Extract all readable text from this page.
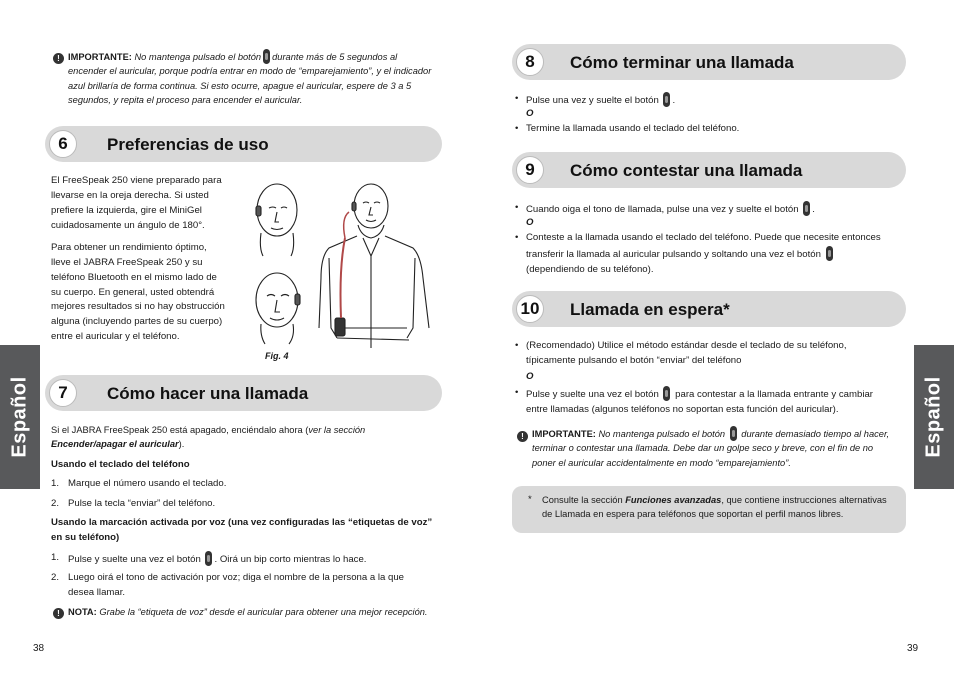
Español
! IMPORTANTE: No mantenga pulsado el botón durante más de 5 segundos al
encender el auricular, porque podría entrar en modo de “emparejamiento”, y el indicador
azul brillaría de forma continua. Si esto ocurre, apague el auricular, espere de 3 a 5
segundos, y repita el proceso para encender el auricular.
6	Preferencias de uso
El FreeSpeak 250 viene preparado para
llevarse en la oreja derecha. Si usted
prefiere la izquierda, gire el MiniGel
cuidadosamente un ángulo de 180°.
Para obtener un rendimiento óptimo,
lleve el JABRA FreeSpeak 250 y su
teléfono Bluetooth en el mismo lado de
su cuerpo. En general, usted obtendrá
mejores resultados si no hay obstrucción
alguna (incluyendo partes de su cuerpo)
entre el auricular y el teléfono.
Fig. 4
7	Cómo hacer una llamada
Si el JABRA FreeSpeak 250 está apagado, enciéndalo ahora (ver la sección
Encender/apagar el auricular).
Usando el teclado del teléfono
1. Marque el número usando el teclado.
2. Pulse la tecla “enviar” del teléfono.
Usando la marcación activada por voz (una vez configuradas las “etiquetas de voz”
en su teléfono)
1. Pulse y suelte una vez el botón . Oirá un bip corto mientras lo hace.
2. Luego oirá el tono de activación por voz; diga el nombre de la persona a la que
desea llamar.
! NOTA: Grabe la “etiqueta de voz” desde el auricular para obtener una mejor recepción.
38
Español
8	Cómo terminar una llamada
• Pulse una vez y suelte el botón .
O
• Termine la llamada usando el teclado del teléfono.
9	Cómo contestar una llamada
• Cuando oiga el tono de llamada, pulse una vez y suelte el botón .
O
• Conteste a la llamada usando el teclado del teléfono. Puede que necesite entonces
transferir la llamada al auricular pulsando y soltando una vez el botón
(dependiendo de su teléfono).
10 Llamada en espera*
• (Recomendado) Utilice el método estándar desde el teclado de su teléfono,
típicamente pulsando el botón “enviar” del teléfono
O
• Pulse y suelte una vez el botón para contestar a la llamada entrante y cambiar
entre llamadas (algunos teléfonos no soportan esta función del auricular).
! IMPORTANTE: No mantenga pulsado el botón durante demasiado tiempo al hacer,
terminar o contestar una llamada. Debe dar un golpe seco y breve, con el fin de no
poner el auricular accidentalmente en modo “emparejamiento”.
* Consulte la sección Funciones avanzadas, que contiene instrucciones alternativas
de Llamada en espera para teléfonos que soportan el perfil manos libres.
39
